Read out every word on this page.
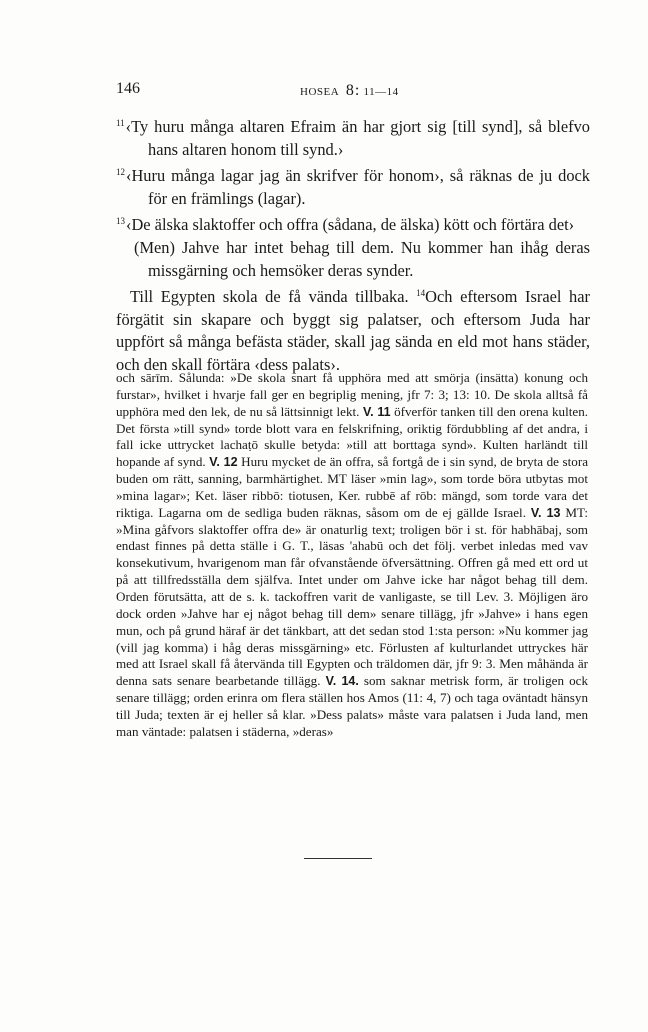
146	HOSEA 8: 11—14

$^{11}$‹Ty huru många altaren Efraim än har gjort sig [till synd], så blefvo hans altaren honom till synd.›

$^{12}$‹Huru många lagar jag än skrifver för honom›, så räknas de ju dock för en främlings (lagar).

$^{13}$‹De älska slaktoffer och offra (sådana, de älska) kött och förtära det›

(Men) Jahve har intet behag till dem. Nu kommer han ihåg deras missgärning och hemsöker deras synder.

Till Egypten skola de få vända tillbaka. $^{14}$Och eftersom Israel har förgätit sin skapare och byggt sig palatser, och eftersom Juda har uppfört så många befästa städer, skall jag sända en eld mot hans städer, och den skall förtära ‹dess palats›.

och sārīm. Sålunda: »De skola snart få upphöra med att smörja (insätta) konung och furstar», hvilket i hvarje fall ger en begriplig mening, jfr 7: 3; 13: 10. De skola alltså få upphöra med den lek, de nu så lättsinnigt lekt. V. 11 öfverför tanken till den orena kulten. Det första »till synd» torde blott vara en felskrifning, oriktig fördubbling af det andra, i fall icke uttrycket lachaṭō skulle betyda: »till att borttaga synd». Kulten harländt till hopande af synd. V. 12 Huru mycket de än offra, så fortgå de i sin synd, de bryta de stora buden om rätt, sanning, barmhärtighet. MT läser »min lag», som torde böra utbytas mot »mina lagar»; Ket. läser ribbō: tiotusen, Ker. rubbē af rōb: mängd, som torde vara det riktiga. Lagarna om de sedliga buden räknas, såsom om de ej gällde Israel. V. 13 MT: »Mina gåfvors slaktoffer offra de» är onaturlig text; troligen bör i st. för habhābaj, som endast finnes på detta ställe i G. T., läsas 'ahabū och det följ. verbet inledas med vav konsekutivum, hvarigenom man får ofvanstående öfversättning. Offren gå med ett ord ut på att tillfredsställa dem själfva. Intet under om Jahve icke har något behag till dem. Orden förutsätta, att de s. k. tackoffren varit de vanligaste, se till Lev. 3. Möjligen äro dock orden »Jahve har ej något behag till dem» senare tillägg, jfr »Jahve» i hans egen mun, och på grund häraf är det tänkbart, att det sedan stod 1:sta person: »Nu kommer jag (vill jag komma) i håg deras missgärning» etc. Förlusten af kulturlandet uttryckes här med att Israel skall få återvända till Egypten och träldomen där, jfr 9: 3. Men måhända är denna sats senare bearbetande tillägg. V. 14. som saknar metrisk form, är troligen ock senare tillägg; orden erinra om flera ställen hos Amos (11: 4, 7) och taga oväntadt hänsyn till Juda; texten är ej heller så klar. »Dess palats» måste vara palatsen i Juda land, men man väntade: palatsen i städerna, »deras»
